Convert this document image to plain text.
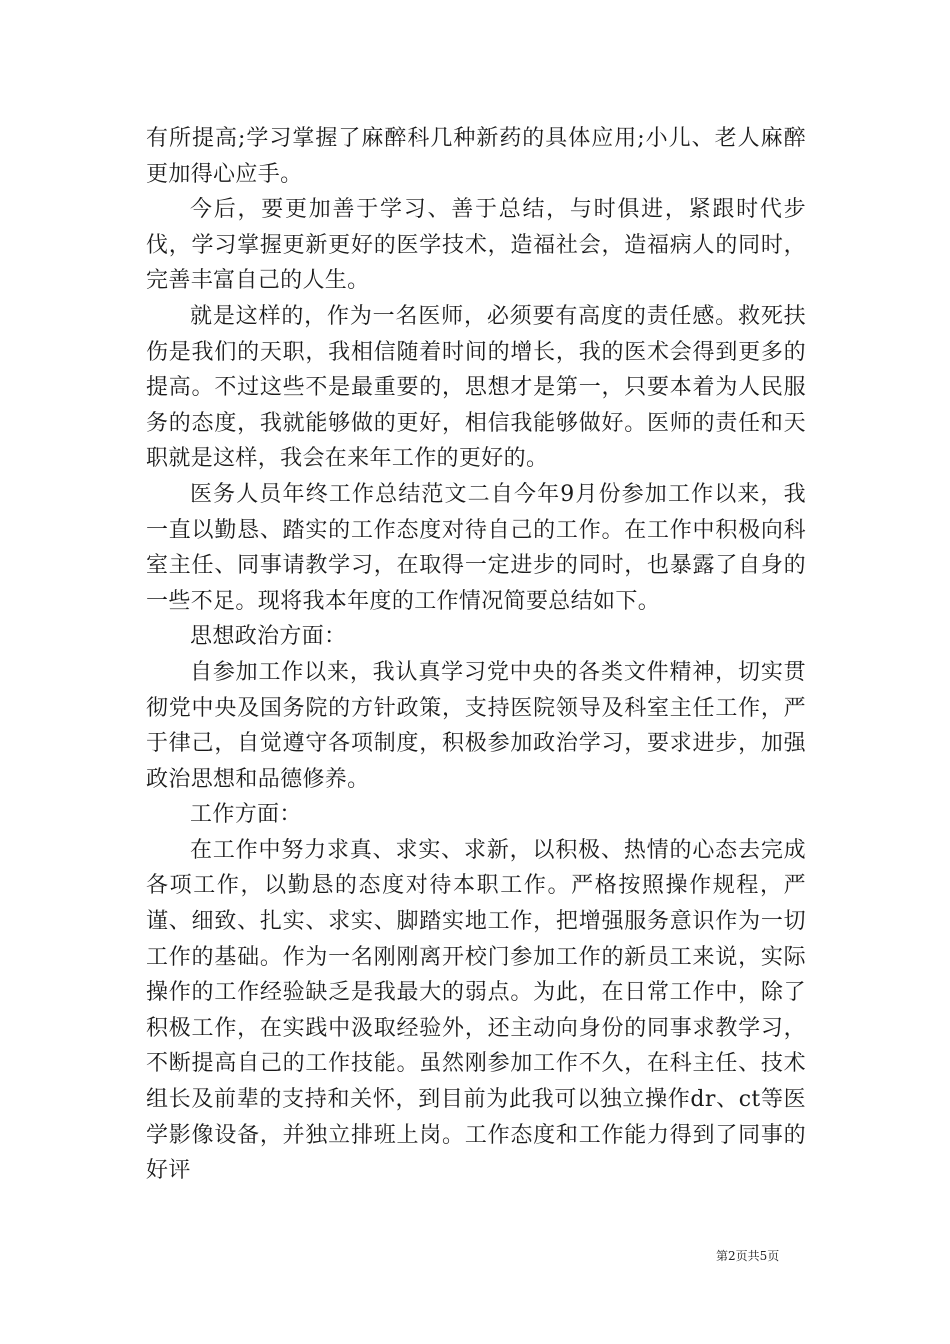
有所提高;学习掌握了麻醉科几种新药的具体应用;小儿、老人麻醉更加得心应手。

今后，要更加善于学习、善于总结，与时俱进，紧跟时代步伐，学习掌握更新更好的医学技术，造福社会，造福病人的同时，完善丰富自己的人生。

就是这样的，作为一名医师，必须要有高度的责任感。救死扶伤是我们的天职，我相信随着时间的增长，我的医术会得到更多的提高。不过这些不是最重要的，思想才是第一，只要本着为人民服务的态度，我就能够做的更好，相信我能够做好。医师的责任和天职就是这样，我会在来年工作的更好的。

医务人员年终工作总结范文二自今年9月份参加工作以来，我一直以勤恳、踏实的工作态度对待自己的工作。在工作中积极向科室主任、同事请教学习，在取得一定进步的同时，也暴露了自身的一些不足。现将我本年度的工作情况简要总结如下。

思想政治方面：

自参加工作以来，我认真学习党中央的各类文件精神，切实贯彻党中央及国务院的方针政策，支持医院领导及科室主任工作，严于律己，自觉遵守各项制度，积极参加政治学习，要求进步，加强政治思想和品德修养。

工作方面：

在工作中努力求真、求实、求新，以积极、热情的心态去完成各项工作，以勤恳的态度对待本职工作。严格按照操作规程，严谨、细致、扎实、求实、脚踏实地工作，把增强服务意识作为一切工作的基础。作为一名刚刚离开校门参加工作的新员工来说，实际操作的工作经验缺乏是我最大的弱点。为此，在日常工作中，除了积极工作，在实践中汲取经验外，还主动向身份的同事求教学习，不断提高自己的工作技能。虽然刚参加工作不久，在科主任、技术组长及前辈的支持和关怀，到目前为此我可以独立操作dr、ct等医学影像设备，并独立排班上岗。工作态度和工作能力得到了同事的好评

第2页共5页
